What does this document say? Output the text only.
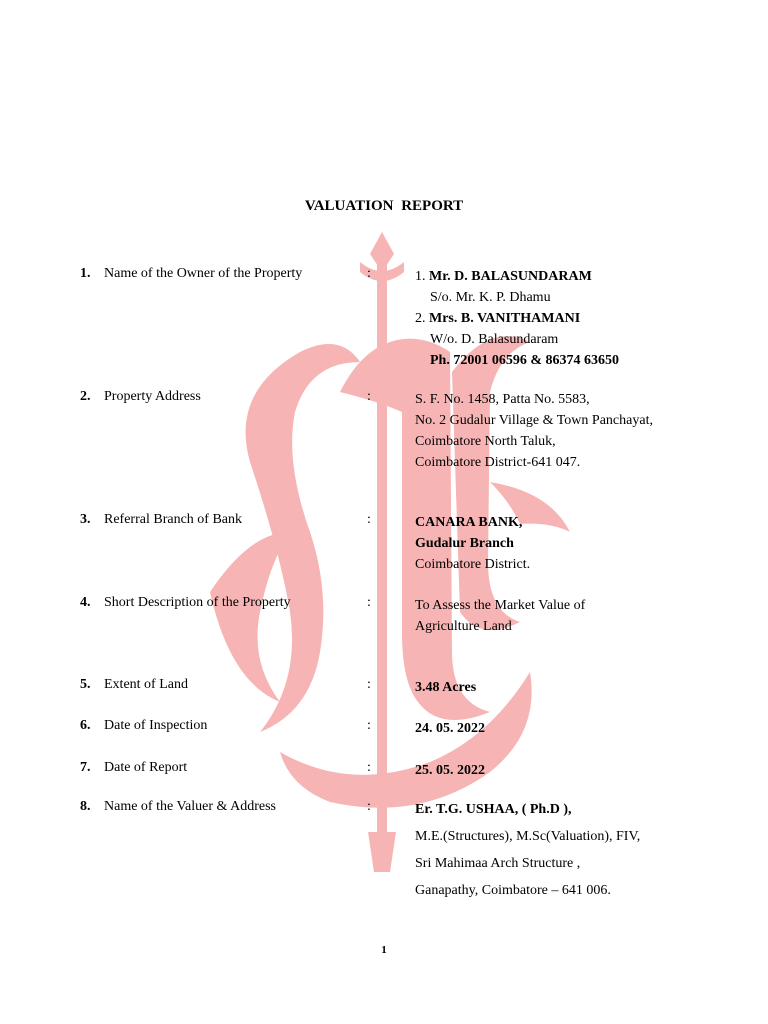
VALUATION REPORT
1. Name of the Owner of the Property	:	1. Mr. D. BALASUNDARAM
S/o. Mr. K. P. Dhamu
2. Mrs. B. VANITHAMANI
W/o. D. Balasundaram
Ph. 72001 06596 & 86374 63650
2. Property Address	:	S. F. No. 1458, Patta No. 5583,
No. 2 Gudalur Village & Town Panchayat,
Coimbatore North Taluk,
Coimbatore District-641 047.
3. Referral Branch of Bank	:	CANARA BANK,
Gudalur Branch
Coimbatore District.
4. Short Description of the Property	:	To Assess the Market Value of
Agriculture Land
5. Extent of Land	:	3.48 Acres
6. Date of Inspection	:	24. 05. 2022
7. Date of Report	:	25. 05. 2022
8. Name of the Valuer & Address	:	Er. T.G. USHAA, ( Ph.D ),
M.E.(Structures), M.Sc(Valuation), FIV,
Sri Mahimaa Arch Structure ,
Ganapathy, Coimbatore – 641 006.
1
